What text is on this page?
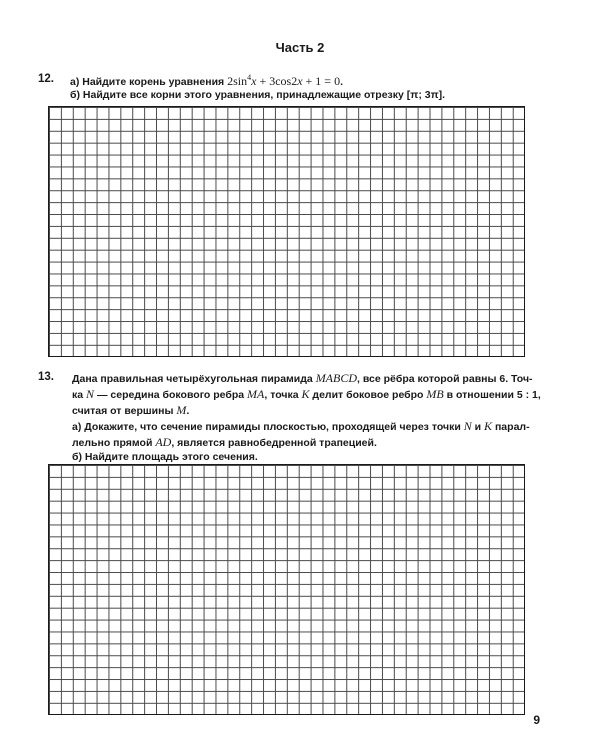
Часть 2
12. а) Найдите корень уравнения $2\sin^4x + 3\cos 2x + 1 = 0$.
б) Найдите все корни этого уравнения, принадлежащие отрезку [π; 3π].
13. Дана правильная четырёхугольная пирамида MABCD, все рёбра которой равны 6. Точ-
ка N — середина бокового ребра MA, точка K делит боковое ребро MB в отношении 5 : 1,
считая от вершины M.
а) Докажите, что сечение пирамиды плоскостью, проходящей через точки N и K парал-
лельно прямой AD, является равнобедренной трапецией.
б) Найдите площадь этого сечения.
9
